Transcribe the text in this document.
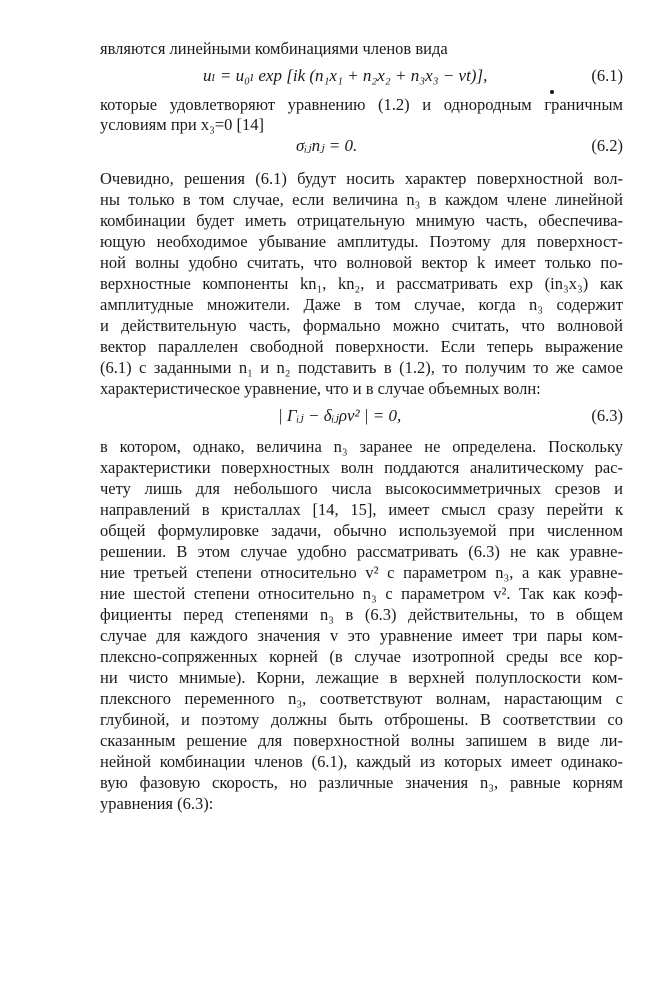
являются линейными комбинациями членов вида
uₗ = u₀ₗ exp [ik (n₁x₁ + n₂x₂ + n₃x₃ − vt)],	(6.1)
которые удовлетворяют уравнению (1.2) и однородным граничным
условиям при x₃=0 [14]
σᵢⱼnⱼ = 0.	(6.2)
Очевидно, решения (6.1) будут носить характер поверхностной вол-
ны только в том случае, если величина n₃ в каждом члене линейной
комбинации будет иметь отрицательную мнимую часть, обеспечива-
ющую необходимое убывание амплитуды. Поэтому для поверхност-
ной волны удобно считать, что волновой вектор k имеет только по-
верхностные компоненты kn₁, kn₂, и рассматривать exp (in₃x₃) как
амплитудные множители. Даже в том случае, когда n₃ содержит
и действительную часть, формально можно считать, что волновой
вектор параллелен свободной поверхности. Если теперь выражение
(6.1) с заданными n₁ и n₂ подставить в (1.2), то получим то же самое
характеристическое уравнение, что и в случае объемных волн:
| Γᵢⱼ − δᵢⱼρv² | = 0,	(6.3)
в котором, однако, величина n₃ заранее не определена. Поскольку
характеристики поверхностных волн поддаются аналитическому рас-
чету лишь для небольшого числа высокосимметричных срезов и
направлений в кристаллах [14, 15], имеет смысл сразу перейти к
общей формулировке задачи, обычно используемой при численном
решении. В этом случае удобно рассматривать (6.3) не как уравне-
ние третьей степени относительно v² с параметром n₃, а как уравне-
ние шестой степени относительно n₃ с параметром v². Так как коэф-
фициенты перед степенями n₃ в (6.3) действительны, то в общем
случае для каждого значения v это уравнение имеет три пары ком-
плексно-сопряженных корней (в случае изотропной среды все кор-
ни чисто мнимые). Корни, лежащие в верхней полуплоскости ком-
плексного переменного n₃, соответствуют волнам, нарастающим с
глубиной, и поэтому должны быть отброшены. В соответствии со
сказанным решение для поверхностной волны запишем в виде ли-
нейной комбинации членов (6.1), каждый из которых имеет одинако-
вую фазовую скорость, но различные значения n₃, равные корням
уравнения (6.3):
